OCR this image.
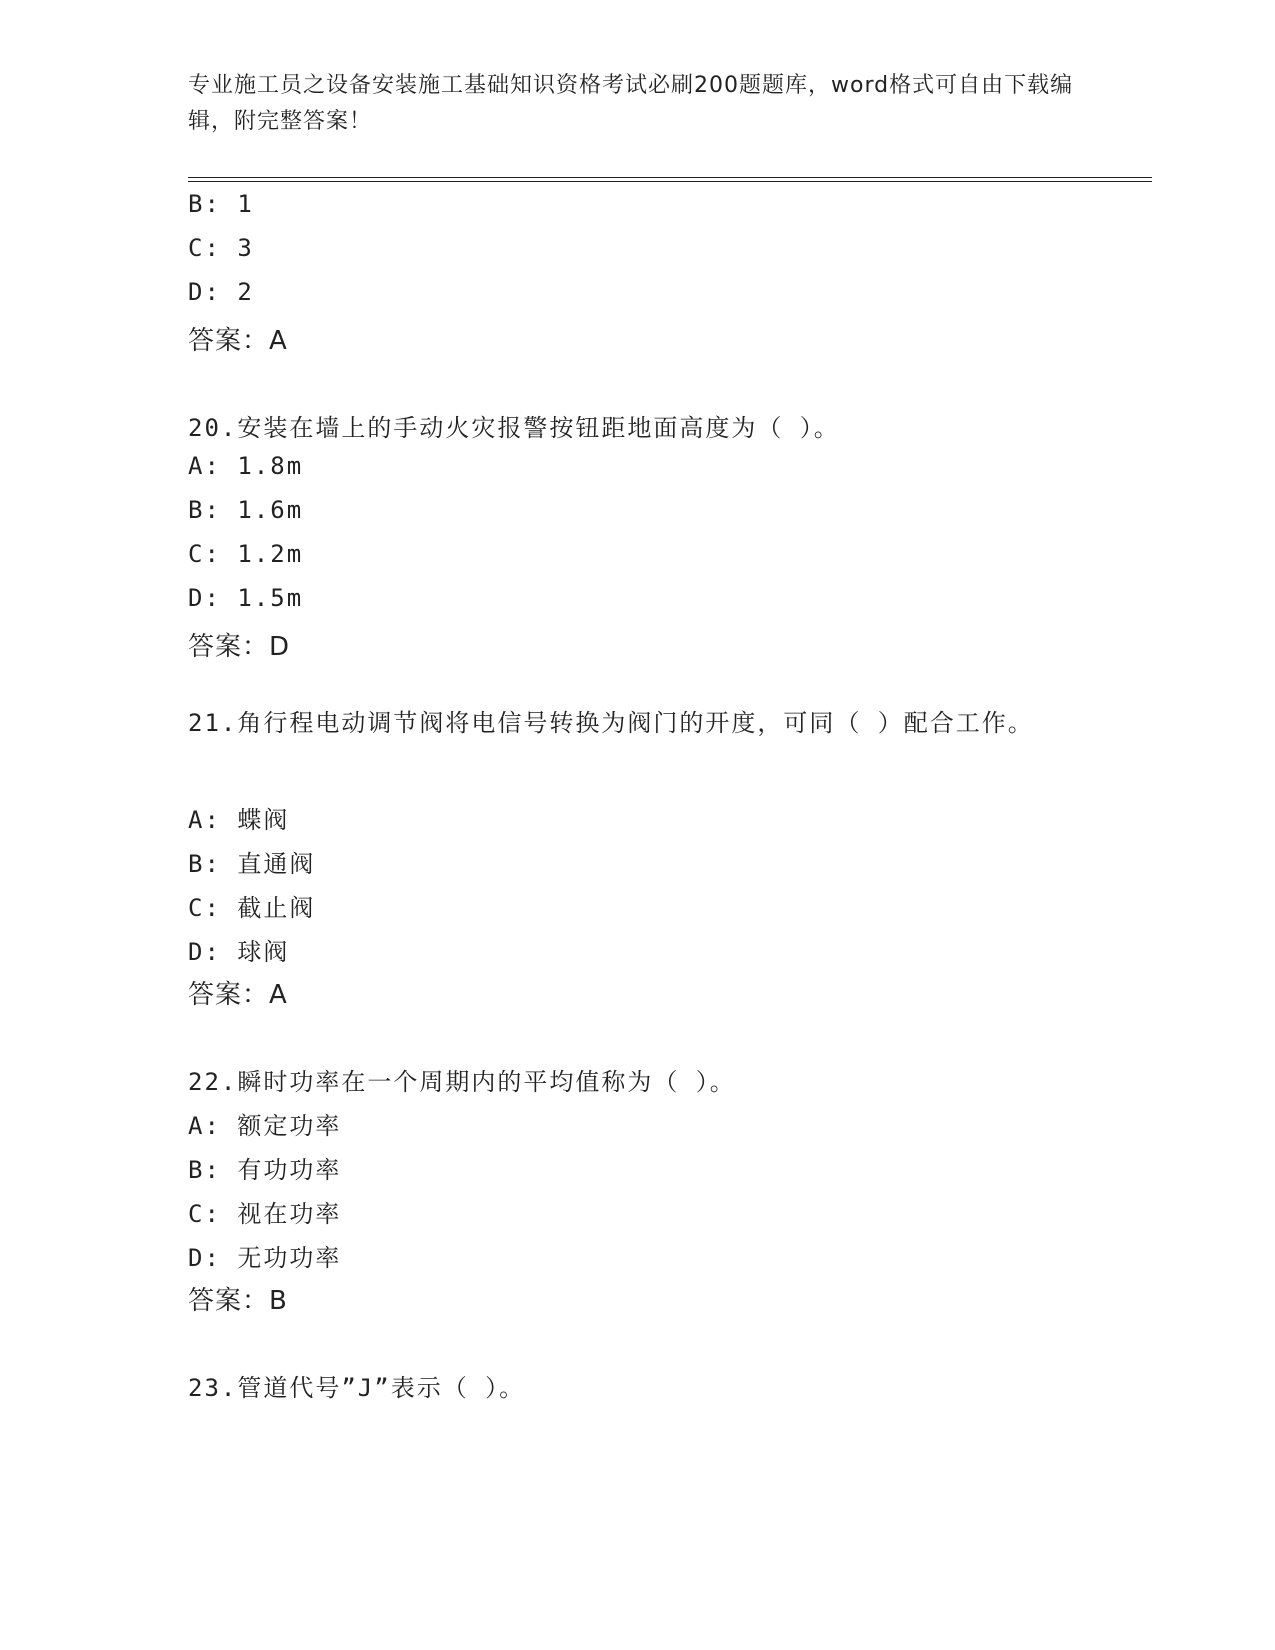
专业施工员之设备安装施工基础知识资格考试必刷200题题库，word格式可自由下载编辑，附完整答案！
B: 1
C: 3
D: 2
答案：A
20.安装在墙上的手动火灾报警按钮距地面高度为（ ）。
A: 1.8m
B: 1.6m
C: 1.2m
D: 1.5m
答案：D
21.角行程电动调节阀将电信号转换为阀门的开度，可同（ ）配合工作。
A: 蝶阀
B: 直通阀
C: 截止阀
D: 球阀
答案：A
22.瞬时功率在一个周期内的平均值称为（ ）。
A: 额定功率
B: 有功功率
C: 视在功率
D: 无功功率
答案：B
23.管道代号”J”表示（ ）。
